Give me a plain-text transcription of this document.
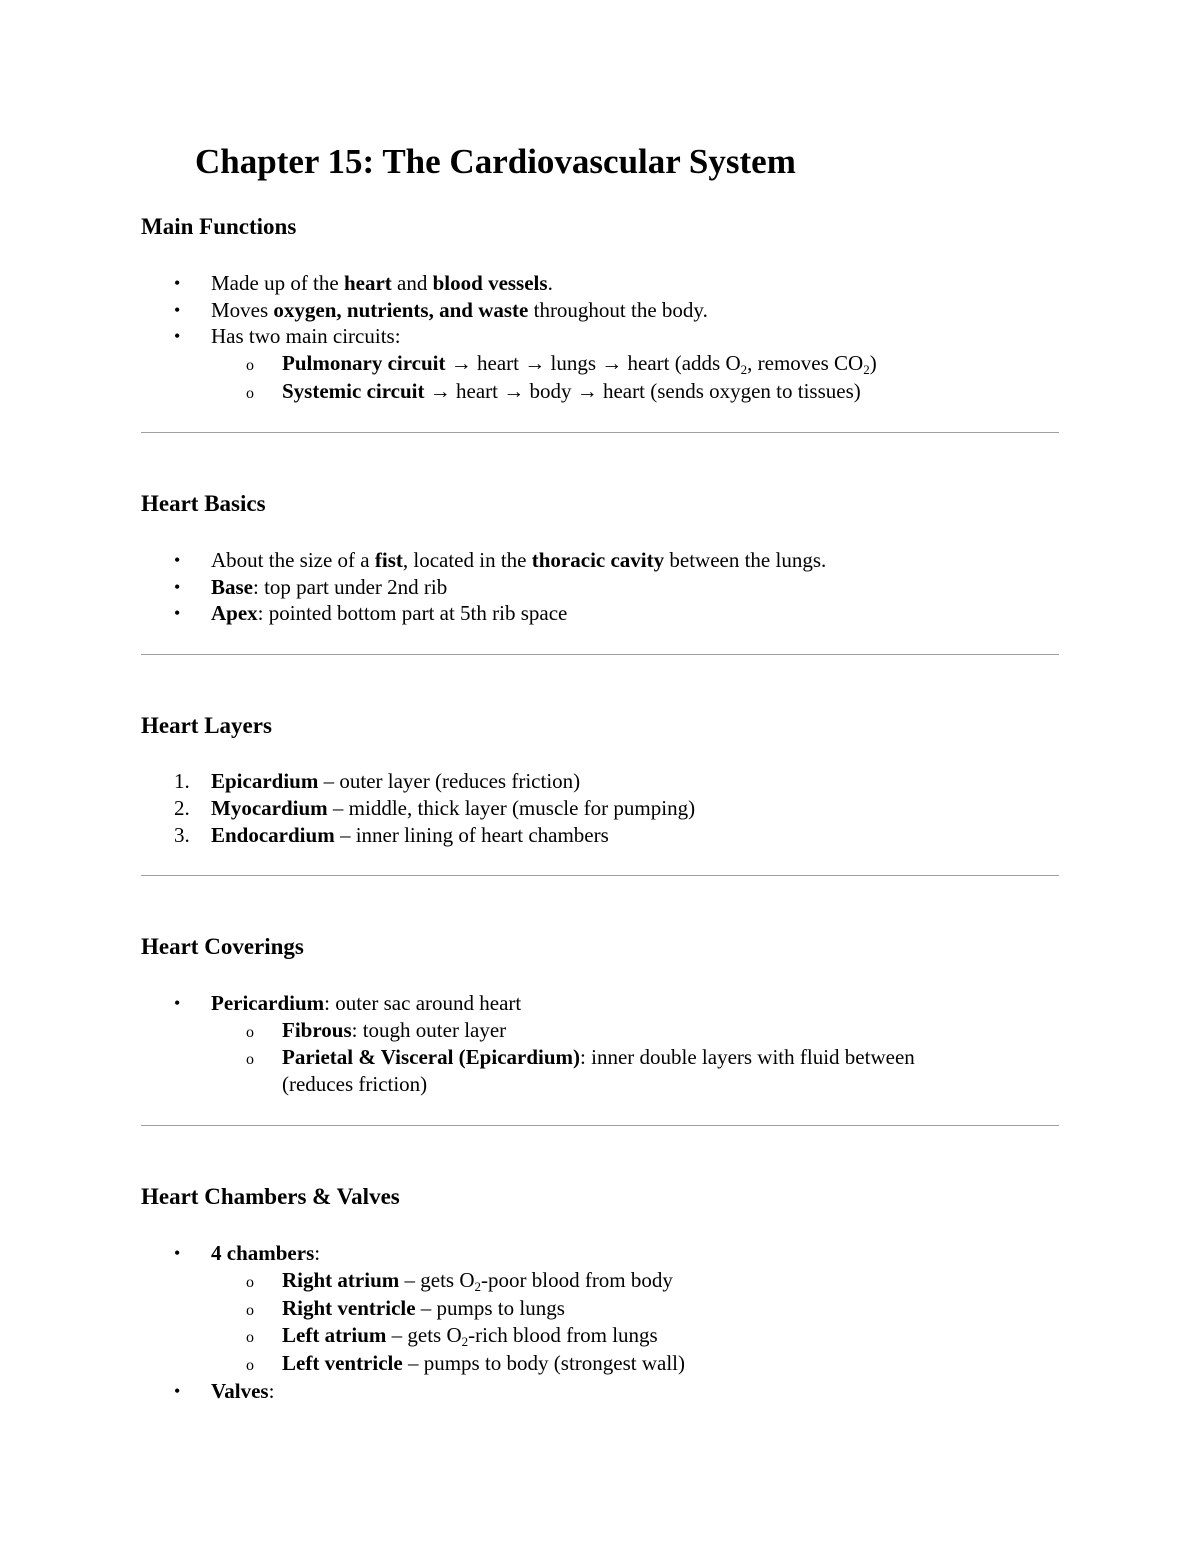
Chapter 15: The Cardiovascular System
Main Functions
• Made up of the heart and blood vessels.

• Moves oxygen, nutrients, and waste throughout the body.

• Has two main circuits:

o Pulmonary circuit → heart → lungs → heart (adds $O_2$, removes $CO_2$)

o Systemic circuit → heart → body → heart (sends oxygen to tissues)

Heart Basics
• About the size of a fist, located in the thoracic cavity between the lungs.

• Base: top part under 2nd rib

• Apex: pointed bottom part at 5th rib space

Heart Layers
1. Epicardium – outer layer (reduces friction)

2. Myocardium – middle, thick layer (muscle for pumping)

3. Endocardium – inner lining of heart chambers

Heart Coverings
• Pericardium: outer sac around heart

o Fibrous: tough outer layer

o Parietal & Visceral (Epicardium): inner double layers with fluid between

(reduces friction)

Heart Chambers & Valves
• 4 chambers:

o Right atrium – gets $O_2$-poor blood from body

o Right ventricle – pumps to lungs

o Left atrium – gets $O_2$-rich blood from lungs

o Left ventricle – pumps to body (strongest wall)

• Valves:
